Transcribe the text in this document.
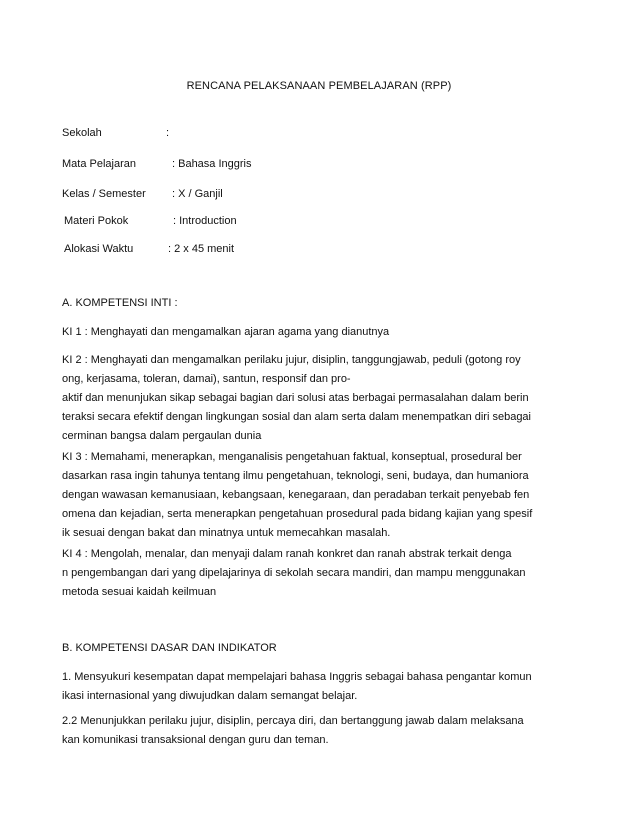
RENCANA PELAKSANAAN PEMBELAJARAN (RPP)
Sekolah	:
Mata Pelajaran	: Bahasa Inggris
Kelas / Semester : X / Ganjil
Materi Pokok	: Introduction
Alokasi Waktu	: 2 x 45 menit
A. KOMPETENSI INTI :
KI 1 : Menghayati dan mengamalkan ajaran agama yang dianutnya
KI 2 : Menghayati dan mengamalkan perilaku jujur, disiplin, tanggungjawab, peduli (gotong roy
ong, kerjasama, toleran, damai), santun, responsif dan pro-
aktif dan menunjukan sikap sebagai bagian dari solusi atas berbagai permasalahan dalam berin
teraksi secara efektif dengan lingkungan sosial dan alam serta dalam menempatkan diri sebagai
cerminan bangsa dalam pergaulan dunia
KI 3 : Memahami, menerapkan, menganalisis pengetahuan faktual, konseptual, prosedural ber
dasarkan rasa ingin tahunya tentang ilmu pengetahuan, teknologi, seni, budaya, dan humaniora
dengan wawasan kemanusiaan, kebangsaan, kenegaraan, dan peradaban terkait penyebab fen
omena dan kejadian, serta menerapkan pengetahuan prosedural pada bidang kajian yang spesif
ik sesuai dengan bakat dan minatnya untuk memecahkan masalah.
KI 4 : Mengolah, menalar, dan menyaji dalam ranah konkret dan ranah abstrak terkait denga
n pengembangan dari yang dipelajarinya di sekolah secara mandiri, dan mampu menggunakan
metoda sesuai kaidah keilmuan
B. KOMPETENSI DASAR DAN INDIKATOR
1. Mensyukuri kesempatan dapat mempelajari bahasa Inggris sebagai bahasa pengantar komun
ikasi internasional yang diwujudkan dalam semangat belajar.
2.2 Menunjukkan perilaku jujur, disiplin, percaya diri, dan bertanggung jawab dalam melaksana
kan komunikasi transaksional dengan guru dan teman.
